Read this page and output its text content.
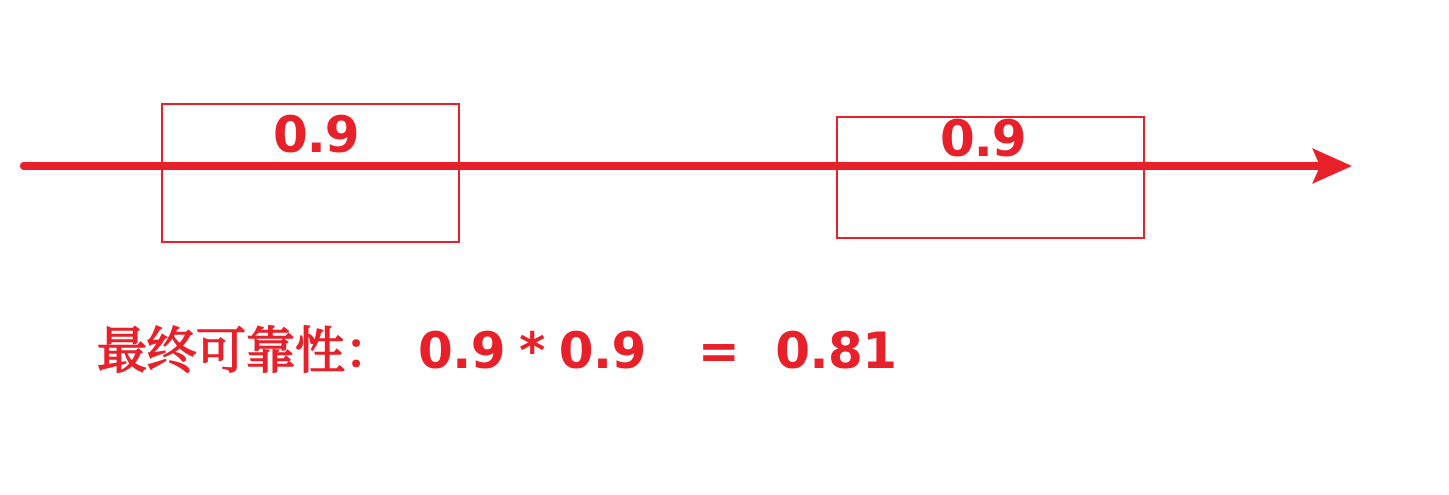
0.9	0.9
最终可靠性： 0.9 * 0.9 = 0.81
